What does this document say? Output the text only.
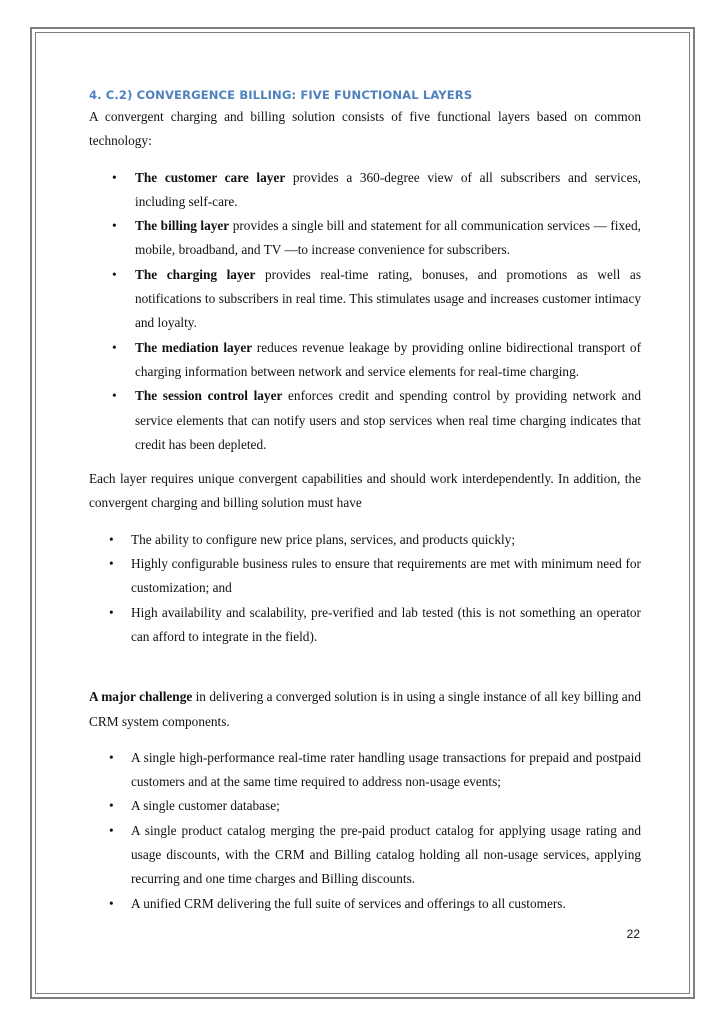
4. C.2) CONVERGENCE BILLING: FIVE FUNCTIONAL LAYERS

A convergent charging and billing solution consists of five functional layers based on common technology:

• The customer care layer provides a 360-degree view of all subscribers and services, including self-care.
• The billing layer provides a single bill and statement for all communication services — fixed, mobile, broadband, and TV —to increase convenience for subscribers.
• The charging layer provides real-time rating, bonuses, and promotions as well as notifications to subscribers in real time. This stimulates usage and increases customer intimacy and loyalty.
• The mediation layer reduces revenue leakage by providing online bidirectional transport of charging information between network and service elements for real-time charging.
• The session control layer enforces credit and spending control by providing network and service elements that can notify users and stop services when real time charging indicates that credit has been depleted.

Each layer requires unique convergent capabilities and should work interdependently. In addition, the convergent charging and billing solution must have

• The ability to configure new price plans, services, and products quickly;
• Highly configurable business rules to ensure that requirements are met with minimum need for customization; and
• High availability and scalability, pre-verified and lab tested (this is not something an operator can afford to integrate in the field).

A major challenge in delivering a converged solution is in using a single instance of all key billing and CRM system components.

• A single high-performance real-time rater handling usage transactions for prepaid and postpaid customers and at the same time required to address non-usage events;
• A single customer database;
• A single product catalog merging the pre-paid product catalog for applying usage rating and usage discounts, with the CRM and Billing catalog holding all non-usage services, applying recurring and one time charges and Billing discounts.
• A unified CRM delivering the full suite of services and offerings to all customers.
22
